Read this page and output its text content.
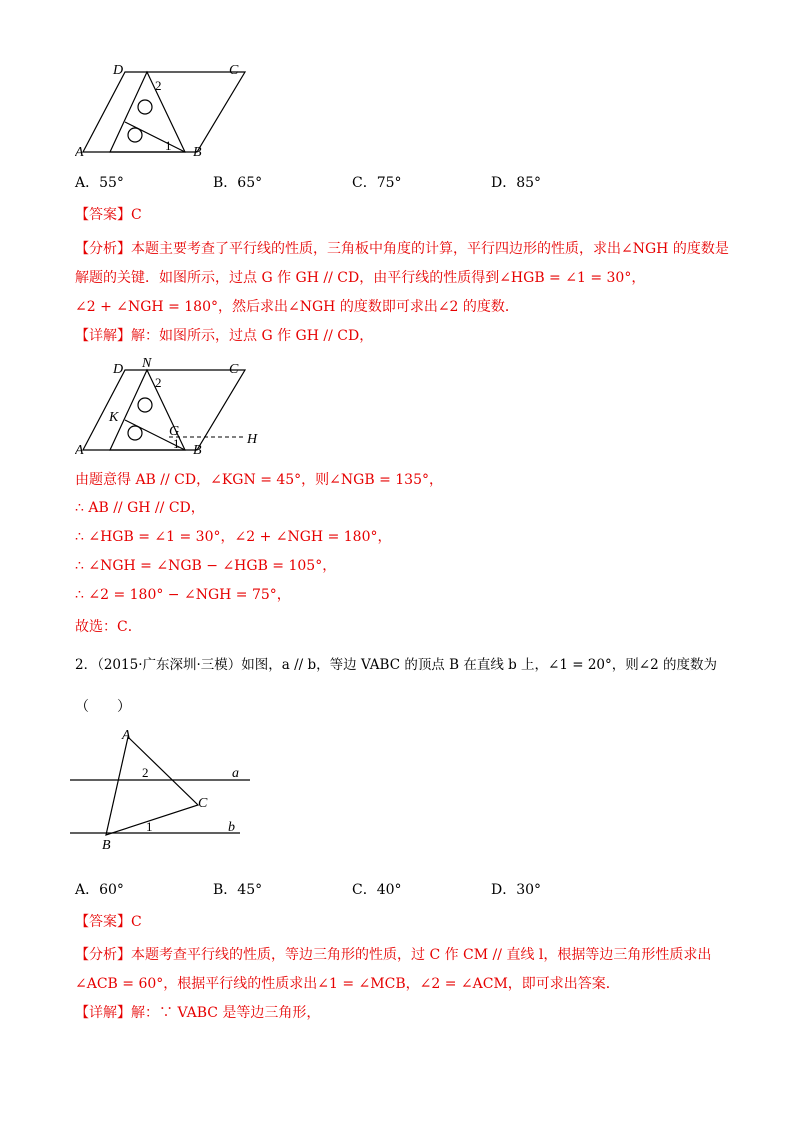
D	C
A	B
2
1
A．55°	B．65°	C．75°	D．85°
【答案】C
【分析】本题主要考查了平行线的性质，三角板中角度的计算，平行四边形的性质，求出∠NGH 的度数是
解题的关键．如图所示，过点 G 作 GH // CD，由平行线的性质得到∠HGB = ∠1 = 30°，
∠2 + ∠NGH = 180°，然后求出∠NGH 的度数即可求出∠2 的度数．
【详解】解：如图所示，过点 G 作 GH // CD，
D N	C
K
G
H
A	B
2
1
由题意得 AB // CD，∠KGN = 45°，则∠NGB = 135°，
∴ AB // GH // CD，
∴ ∠HGB = ∠1 = 30°，∠2 + ∠NGH = 180°，
∴ ∠NGH = ∠NGB − ∠HGB = 105°，
∴ ∠2 = 180° − ∠NGH = 75°，
故选：C．
2．（2015·广东深圳·三模）如图，a // b，等边 VABC 的顶点 B 在直线 b 上，∠1 = 20°，则∠2 的度数为
（　　）
A
B
C
a
b
2
1
A．60°	B．45°	C．40°	D．30°
【答案】C
【分析】本题考查平行线的性质，等边三角形的性质，过 C 作 CM // 直线 l，根据等边三角形性质求出
∠ACB = 60°，根据平行线的性质求出∠1 = ∠MCB，∠2 = ∠ACM，即可求出答案．
【详解】解：∵ VABC 是等边三角形，
